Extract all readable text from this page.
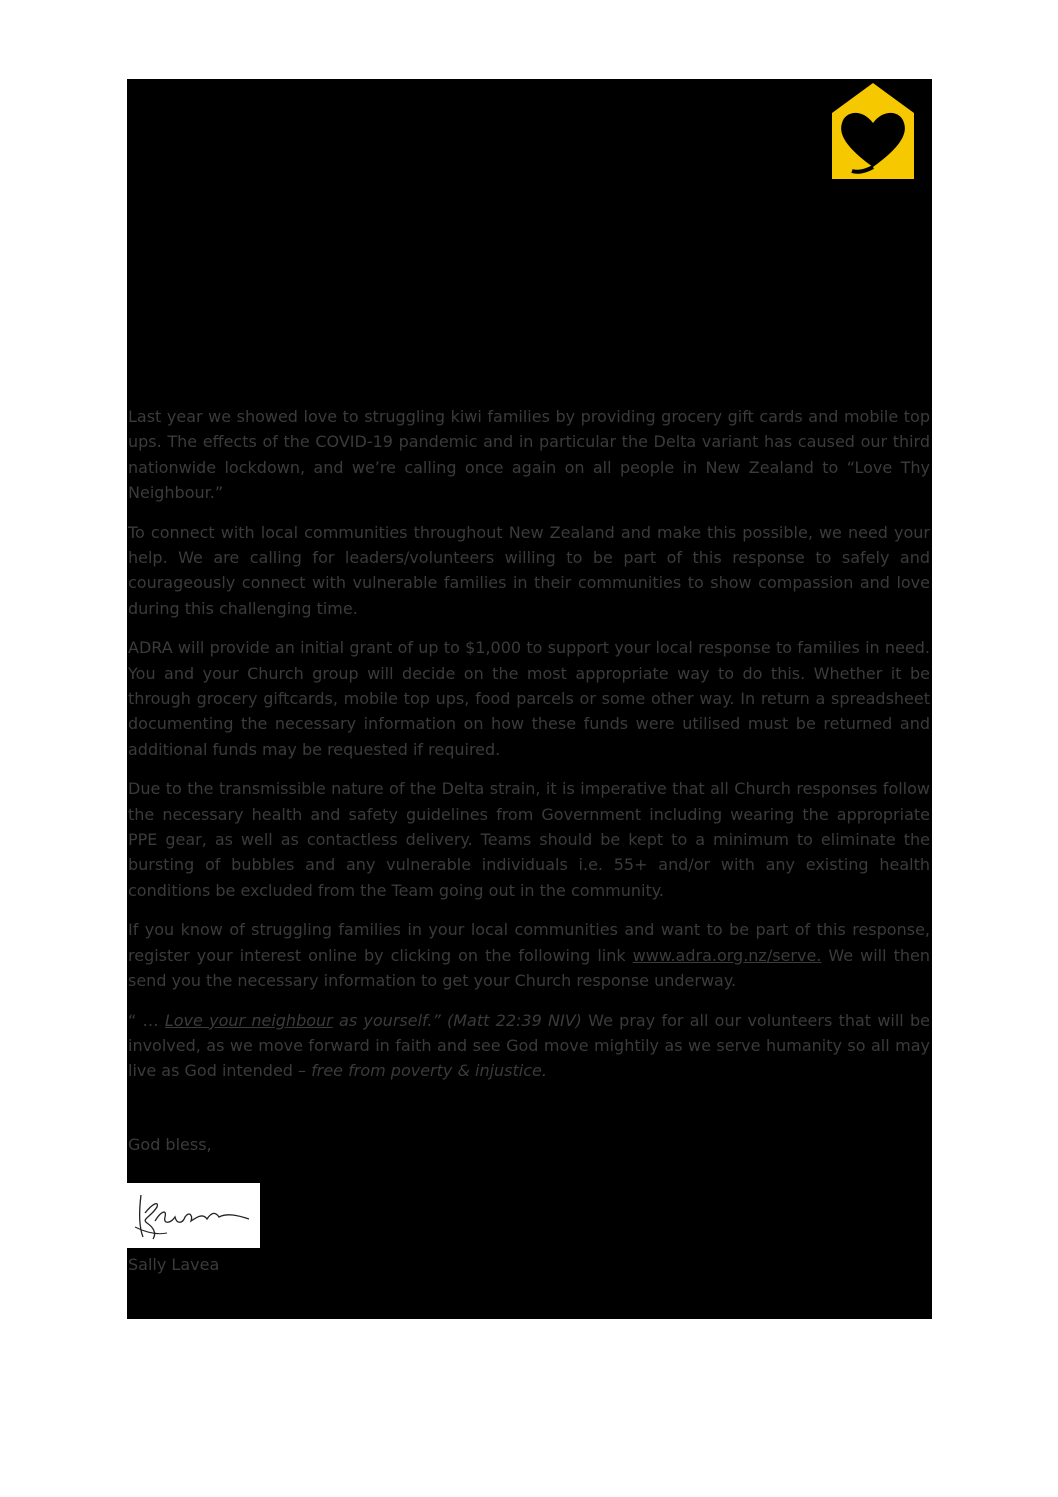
Last year we showed love to struggling kiwi families by providing grocery gift cards and mobile top ups. The effects of the COVID-19 pandemic and in particular the Delta variant has caused our third nationwide lockdown, and we’re calling once again on all people in New Zealand to “Love Thy Neighbour.”

To connect with local communities throughout New Zealand and make this possible, we need your help. We are calling for leaders/volunteers willing to be part of this response to safely and courageously connect with vulnerable families in their communities to show compassion and love during this challenging time.

ADRA will provide an initial grant of up to $1,000 to support your local response to families in need. You and your Church group will decide on the most appropriate way to do this. Whether it be through grocery giftcards, mobile top ups, food parcels or some other way. In return a spreadsheet documenting the necessary information on how these funds were utilised must be returned and additional funds may be requested if required.

Due to the transmissible nature of the Delta strain, it is imperative that all Church responses follow the necessary health and safety guidelines from Government including wearing the appropriate PPE gear, as well as contactless delivery. Teams should be kept to a minimum to eliminate the bursting of bubbles and any vulnerable individuals i.e. 55+ and/or with any existing health conditions be excluded from the Team going out in the community.

If you know of struggling families in your local communities and want to be part of this response, register your interest online by clicking on the following link www.adra.org.nz/serve. We will then send you the necessary information to get your Church response underway.

“ … Love your neighbour as yourself.” (Matt 22:39 NIV) We pray for all our volunteers that will be involved, as we move forward in faith and see God move mightily as we serve humanity so all may live as God intended – free from poverty & injustice.

God bless,
Sally Lavea
